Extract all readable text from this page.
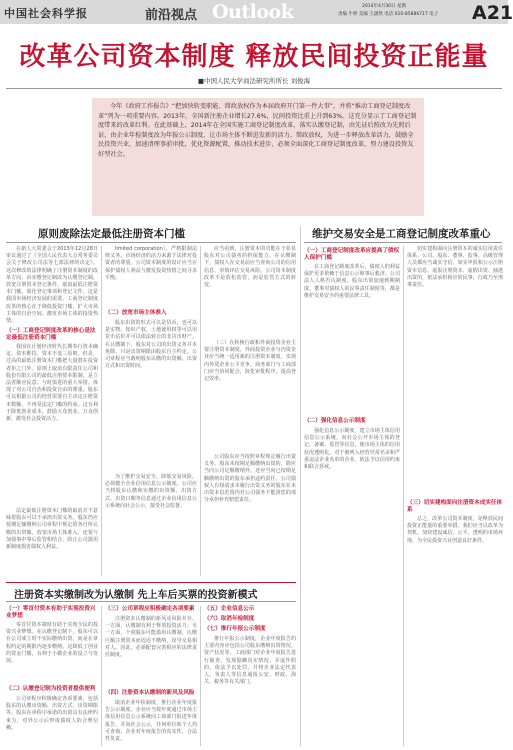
中国社会科学报	前沿视点 Outlook	2014年4月30日 星期
责编 牛婷 美编 王潇然 电话 010-85886717 电子 A21
改革公司资本制度 释放民间投资正能量
■中国人民大学商法研究所所长 刘俊海

今年《政府工作报告》“把加快转变职能、简政放权作为本届政府开门第一件大事”，并将“推动工商登记制度改革”列为一项重要内容。2013年，全国新注册企业增长27.6%，民间投资比重上升到63%。这充分显示了工商登记制度带来的改革红利。在此基础上，2014年在全国实施工商登记制度改革，落实认缴登记制，由先证后照改为先照后证，由企业年检制度改为年报公示制度，让市场主体不断迸发新的活力。简政放权，为进一步释放改革活力，鼓励全民投资兴业，加速清理事前审批，优化资源配置，推动技术进步，必须全面深化工商登记制度改革，努力建设投资友好型社会。

原则废除法定最低注册资本门槛

在新人大常委会于2013年12月28日审议通过了《全国人民代表大会常务委员会关于修改公司法等七部法律的决定》。这次修改的法律明确了注册资本制度的改革方向，由实缴登记制改为认缴登记制，放宽注册资本登记条件，取消最低注册资本门槛，简化登记事项和登记文件，这是我国市场经济发展的需要。工商登记制度改革的核心在于降低投资门槛、扩大市场主体的自治空间、激发市场主体的投资热情。

（一）工商登记制度改革的核心是法定最低注册资本门槛

我国在计划经济时代长期奉行资本确定、资本维持、资本不变三原则。但是，过高的最低注册资本门槛把大量潜在投资者拒之门外。原则上取消有限责任公司和股份有限公司的最低注册资本限制，是立法者顺应民意、与时俱进的重大举措，体现了对公司自治和投资自由的尊重。股东可以根据公司的经营需要自主决定注册资本数额，不再受法定门槛的约束。这有利于降低创业成本，鼓励大众创业、万众创新，激发社会投资活力。

法定最低注册资本门槛的取消并不意味着股东可以不承担出资义务。股东仍应按期足额缴纳公司章程中规定的各自所认缴的出资额。放宽市场主体准入，还要与加强事中事后监管相结合，防止公司滥用新制度损害债权人利益。

limited corporation），严格限制法律义务。市场经济的活力来源于法律对投资者的尊重。公司资本制度的设计应当在保护债权人利益与激发投资热情之间寻求平衡。

（二）放宽市场主体准入

股东出资的形式可以是货币，也可以是实物、知识产权、土地使用权等可以用货币估价并可以依法转让的非货币财产。在认缴制下，股东对公司的出资义务并未免除，只是出资期限由股东自主约定。公司章程应当载明股东认缴的出资额、出资方式和出资时间。

为了维护交易安全，降低交易风险，必须健全企业信用信息公示制度。公司应当将股东认缴和实缴的出资额、出资方式、出资日期等信息通过企业信用信息公示系统向社会公示，接受社会监督。

应当看到，注册资本的功能在于彰显股东对公司债务的担保能力。在认缴制下，债权人在交易前应当查询公司的信用信息，审慎评估交易风险。公司资本制度改革不是放松监管，而是监管方式的转变。

（三）在转换行政和外商投资企业主要注册资本制度。外商投资企业与内资企业应当统一适用新的注册资本制度，实现内外资企业公平竞争。商务部门与工商部门应当协同配合，简化审批程序，提高登记效率。

公司股东应当按照章程规定履行出资义务。股东未按期足额缴纳出资的，除应当向公司足额缴纳外，还应当向已按期足额缴纳出资的股东承担违约责任。公司债权人有权请求未履行出资义务的股东在未出资本息范围内对公司债务不能清偿的部分承担补充赔偿责任。

维护交易安全是工商登记制度改革重心
（一）工商登记制度改革应提高了债权人保护门槛

在工商登记制度改革后，债权人的利益保护更多依赖于信息公示和事后救济。公司法人人格否认制度、股东出资加速到期制度、董事对债权人的民事责任制度等，都是维护交易安全的重要法律工具。

（二）强化信息公示制度

强化信息公示制度，建立市场主体信用信息公示系统，向社会公开市场主体的登记、备案、监管等信息，使市场主体的信用状况透明化。对于被列入经营异常名录和严重违法企业名单的企业，依法予以信用约束和联合惩戒。

切实建构面向注册资本的诚实信用责任体系。公司、股东、董事、监事、高级管理人员都应当诚实守信，如实申报和公示注册资本信息。虚报注册资本、虚假出资、抽逃出资的，依法承担相应的民事、行政乃至刑事责任。

（三）切实建构面向注册资本成实任体系

总之，改革公司资本制度，是释放民间投资正能量的重要举措。我们应当以改革为契机，加快建设诚信、公平、透明的市场环境，为全民投资兴业创造良好条件。

注册资本实缴制改为认缴制 先上车后买票的投资新模式
（一）零首付资本有助于实现投资兴业梦想

零首付资本制度有助于实现全民的投资兴业梦想。在认缴登记制下，股东可以在公司成立时不实际缴纳出资，而是在章程约定的期限内逐步缴纳。这降低了创业的资金门槛，有利于小微企业的设立与发展。

（二）认缴登记制为投资者提供便利

公司章程应积极确定各项要素，包括股东的认缴出资额、出资方式、出资期限等。股东在章程中承诺的出资具有法律约束力，对外公示后形成债权人的合理信赖。

（三）公司章程应积极确定各项要素

注册资本认缴制的新风及风险并存。一方面，认缴制有利于释放投资活力；另一方面，个别股东可能滥用认缴制，认缴巨额注册资本而迟迟不缴纳，误导交易相对人。因此，必须配套完善相应的法律责任制度。

（四）注册资本认缴制的新风及风险

取消企业年检制度，推行企业年度报告公示制度。企业应当按年度通过市场主体信用信息公示系统向工商部门报送年度报告，并向社会公示，任何单位和个人均可查询。企业对年度报告的真实性、合法性负责。

（五）企业信息公示
（六）取消年检制度
（七）推行年报公示制度

推行年报公示制度，企业年度报告的主要内容应包括公司股东缴纳出资情况、资产状况等。工商部门对企业年度报告进行抽查，发现隐瞒真实情况、弄虚作假的，依法予以处罚，并将企业法定代表人、负责人等信息通报公安、财政、海关、税务等有关部门。
